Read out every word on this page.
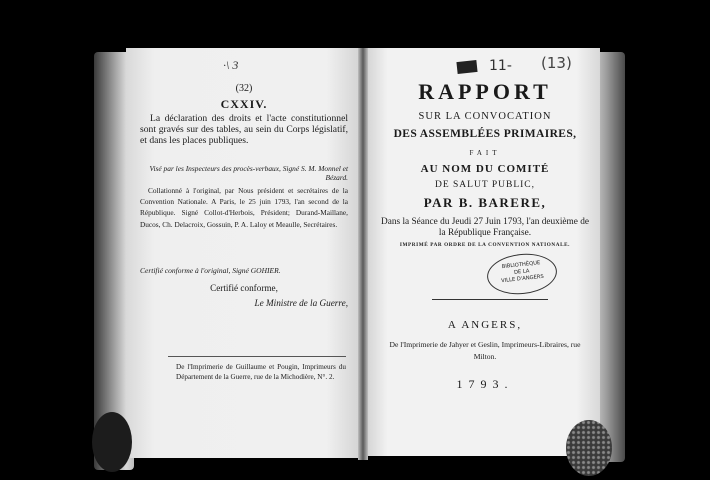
·\ 3
(32)
CXXIV.
La déclaration des droits et l'acte constitutionnel sont gravés sur des tables, au sein du Corps législatif, et dans les places publiques.
Visé par les Inspecteurs des procès-verbaux, Signé S. M. Monnel et Bézard.
Collationné à l'original, par Nous président et secrétaires de la Convention Nationale. A Paris, le 25 juin 1793, l'an second de la République. Signé Collot-d'Herbois, Président; Durand-Maillane, Ducos, Ch. Delacroix, Gossuin, P. A. Laloy et Meaulle, Secrétaires.
Certifié conforme à l'original, Signé GOHIER.
Certifié conforme,
Le Ministre de la Guerre,
De l'Imprimerie de Guillaume et Pougin, Imprimeurs du Département de la Guerre, rue de la Michodière, N°. 2.
11- (13)
RAPPORT
SUR LA CONVOCATION
DES ASSEMBLÉES PRIMAIRES,
FAIT
AU NOM DU COMITÉ
DE SALUT PUBLIC,
PAR B. BARERE,
Dans la Séance du Jeudi 27 Juin 1793, l'an deuxième de la République Française.
IMPRIMÉ PAR ORDRE DE LA CONVENTION NATIONALE.
BIBLIOTHÈQUE
DE LA
VILLE D'ANGERS
A ANGERS,
De l'Imprimerie de Jahyer et Geslin, Imprimeurs-Libraires, rue Milton.
1793.
